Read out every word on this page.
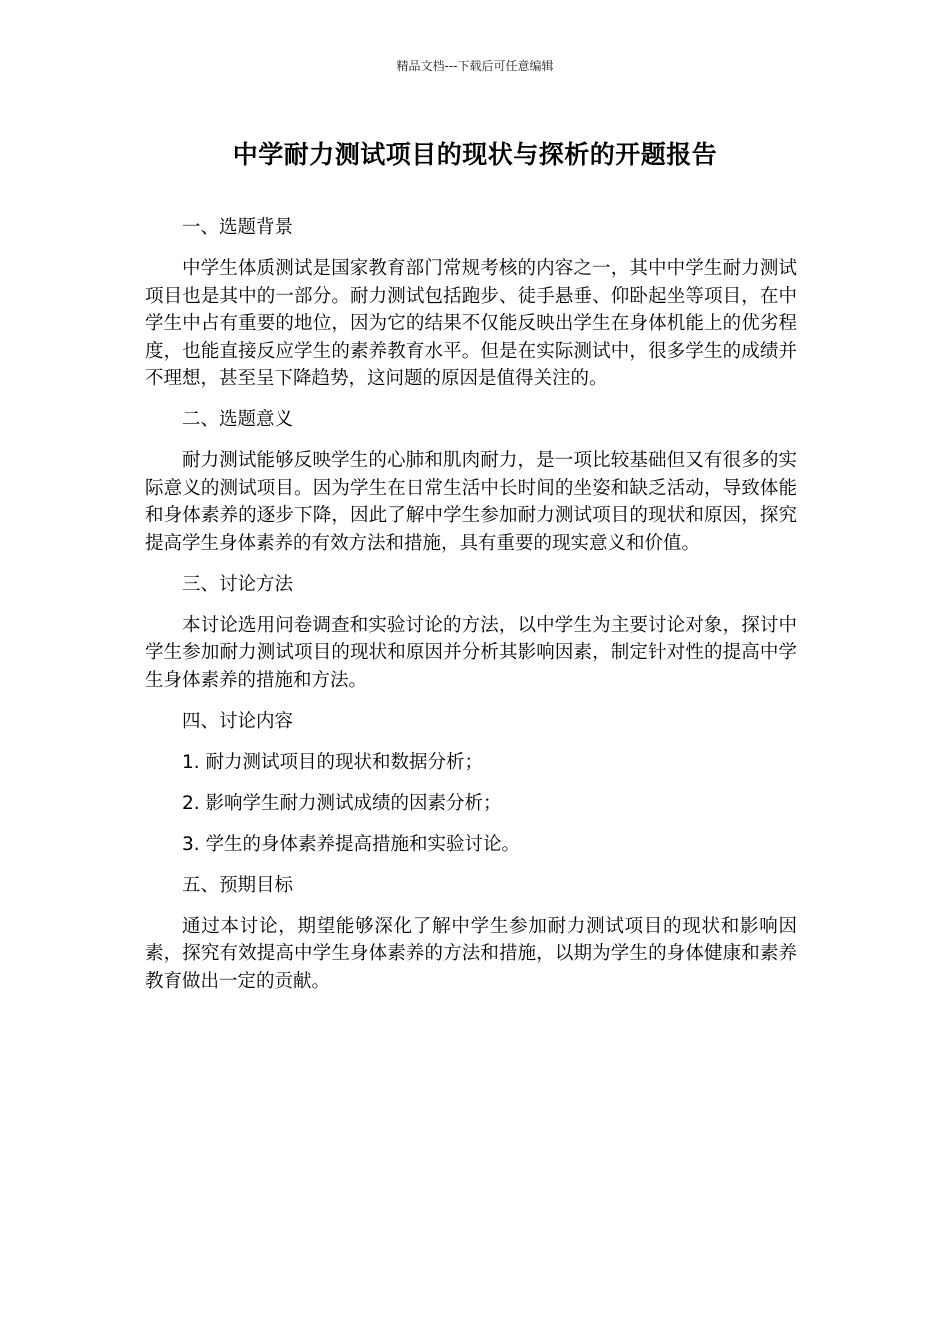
精品文档---下载后可任意编辑
中学耐力测试项目的现状与探析的开题报告

一、选题背景

中学生体质测试是国家教育部门常规考核的内容之一，其中中学生耐力测试项目也是其中的一部分。耐力测试包括跑步、徒手悬垂、仰卧起坐等项目，在中学生中占有重要的地位，因为它的结果不仅能反映出学生在身体机能上的优劣程度，也能直接反应学生的素养教育水平。但是在实际测试中，很多学生的成绩并不理想，甚至呈下降趋势，这问题的原因是值得关注的。

二、选题意义

耐力测试能够反映学生的心肺和肌肉耐力，是一项比较基础但又有很多的实际意义的测试项目。因为学生在日常生活中长时间的坐姿和缺乏活动，导致体能和身体素养的逐步下降，因此了解中学生参加耐力测试项目的现状和原因，探究提高学生身体素养的有效方法和措施，具有重要的现实意义和价值。

三、讨论方法

本讨论选用问卷调查和实验讨论的方法，以中学生为主要讨论对象，探讨中学生参加耐力测试项目的现状和原因并分析其影响因素，制定针对性的提高中学生身体素养的措施和方法。

四、讨论内容

1. 耐力测试项目的现状和数据分析；

2. 影响学生耐力测试成绩的因素分析；

3. 学生的身体素养提高措施和实验讨论。

五、预期目标

通过本讨论，期望能够深化了解中学生参加耐力测试项目的现状和影响因素，探究有效提高中学生身体素养的方法和措施，以期为学生的身体健康和素养教育做出一定的贡献。
